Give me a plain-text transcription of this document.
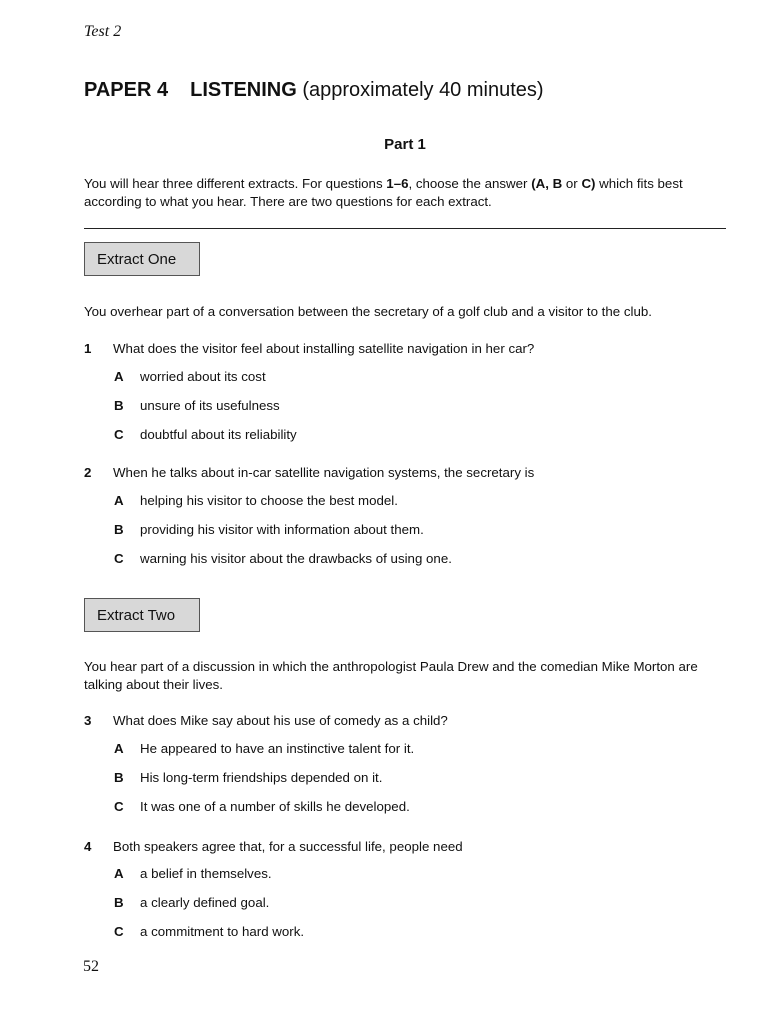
Test 2
PAPER 4 LISTENING (approximately 40 minutes)
Part 1
You will hear three different extracts. For questions 1–6, choose the answer (A, B or C) which fits best according to what you hear. There are two questions for each extract.
Extract One
You overhear part of a conversation between the secretary of a golf club and a visitor to the club.
1 What does the visitor feel about installing satellite navigation in her car?
A worried about its cost
B unsure of its usefulness
C doubtful about its reliability
2 When he talks about in-car satellite navigation systems, the secretary is
A helping his visitor to choose the best model.
B providing his visitor with information about them.
C warning his visitor about the drawbacks of using one.
Extract Two
You hear part of a discussion in which the anthropologist Paula Drew and the comedian Mike Morton are talking about their lives.
3 What does Mike say about his use of comedy as a child?
A He appeared to have an instinctive talent for it.
B His long-term friendships depended on it.
C It was one of a number of skills he developed.
4 Both speakers agree that, for a successful life, people need
A a belief in themselves.
B a clearly defined goal.
C a commitment to hard work.
52
